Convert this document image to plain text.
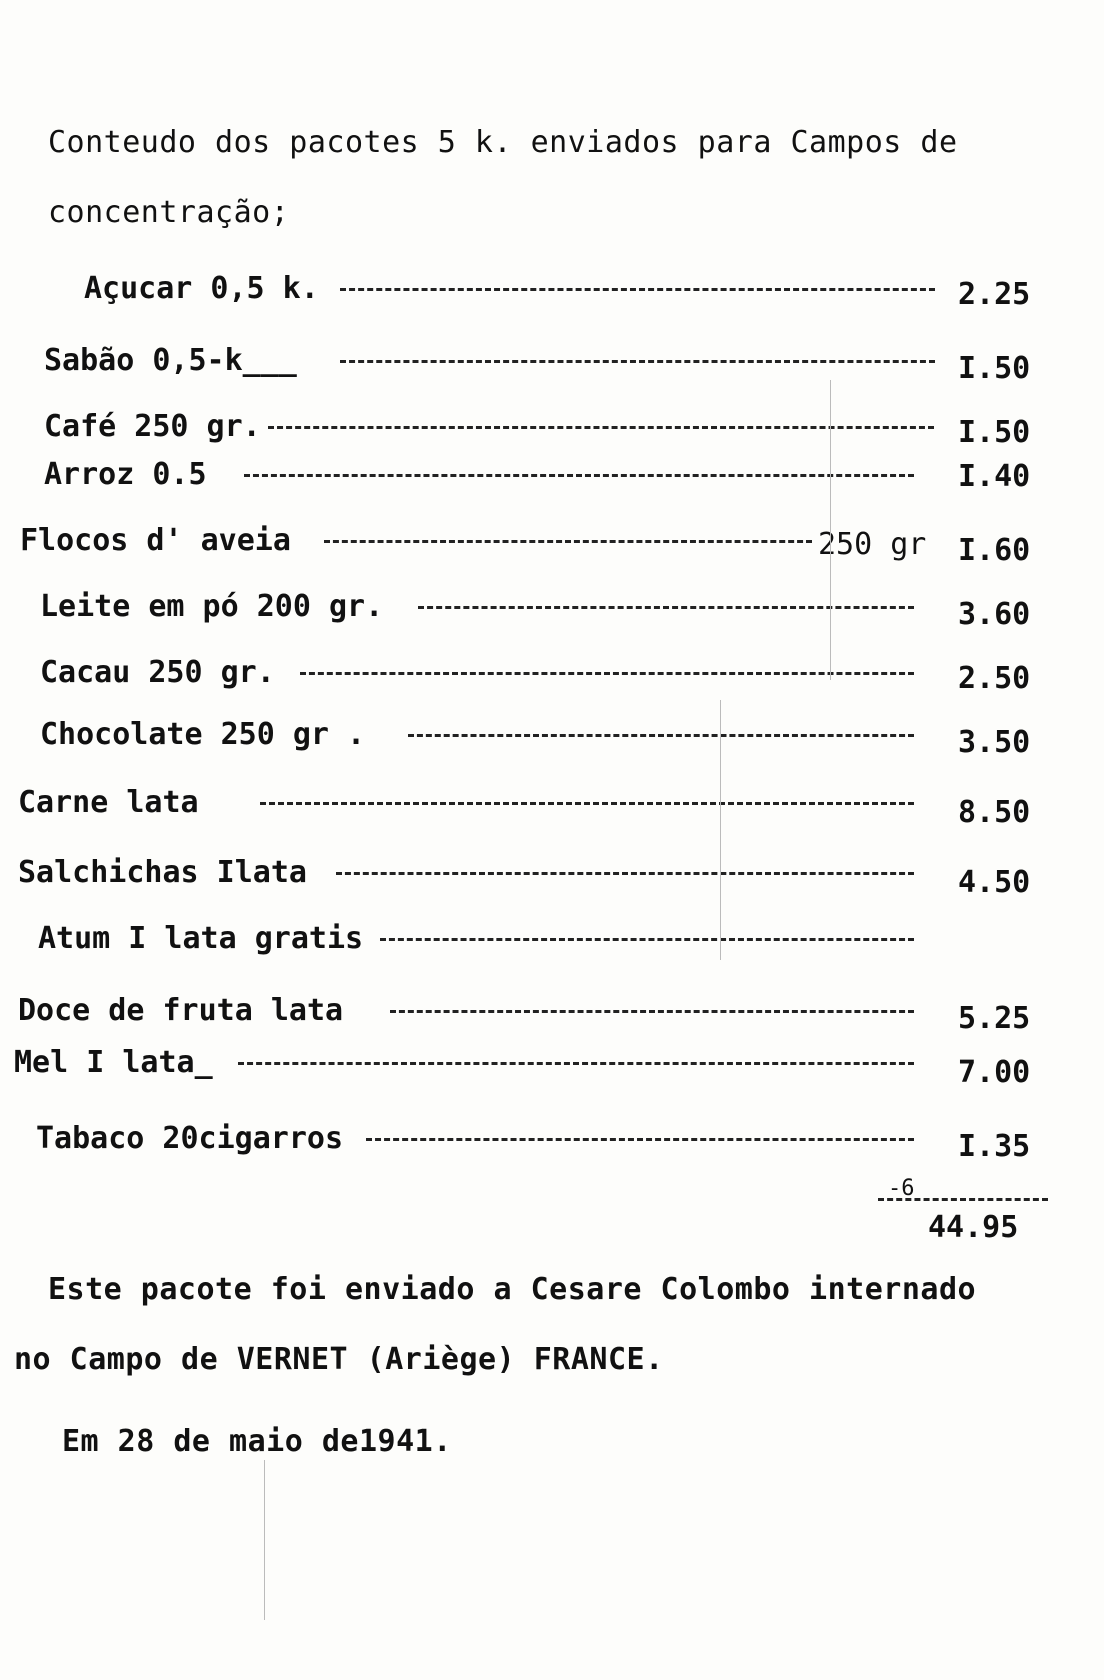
Conteudo dos pacotes 5 k. enviados para Campos de
concentração;
Açucar 0,5 k.	2.25
Sabão 0,5-k___	I.50
Café 250 gr.	I.50
Arroz 0.5	I.40
Flocos d' aveia	250 gr I.60
Leite em pó 200 gr.	3.60
Cacau 250 gr.	2.50
Chocolate 250 gr .	3.50
Carne lata	8.50
Salchichas Ilata	4.50
Atum I lata gratis
Doce de fruta lata	5.25
Mel I lata_	7.00
Tabaco 20cigarros	I.35
-6
44.95
Este pacote foi enviado a Cesare Colombo internado
no Campo de VERNET (Ariège) FRANCE.
Em 28 de maio de1941.
